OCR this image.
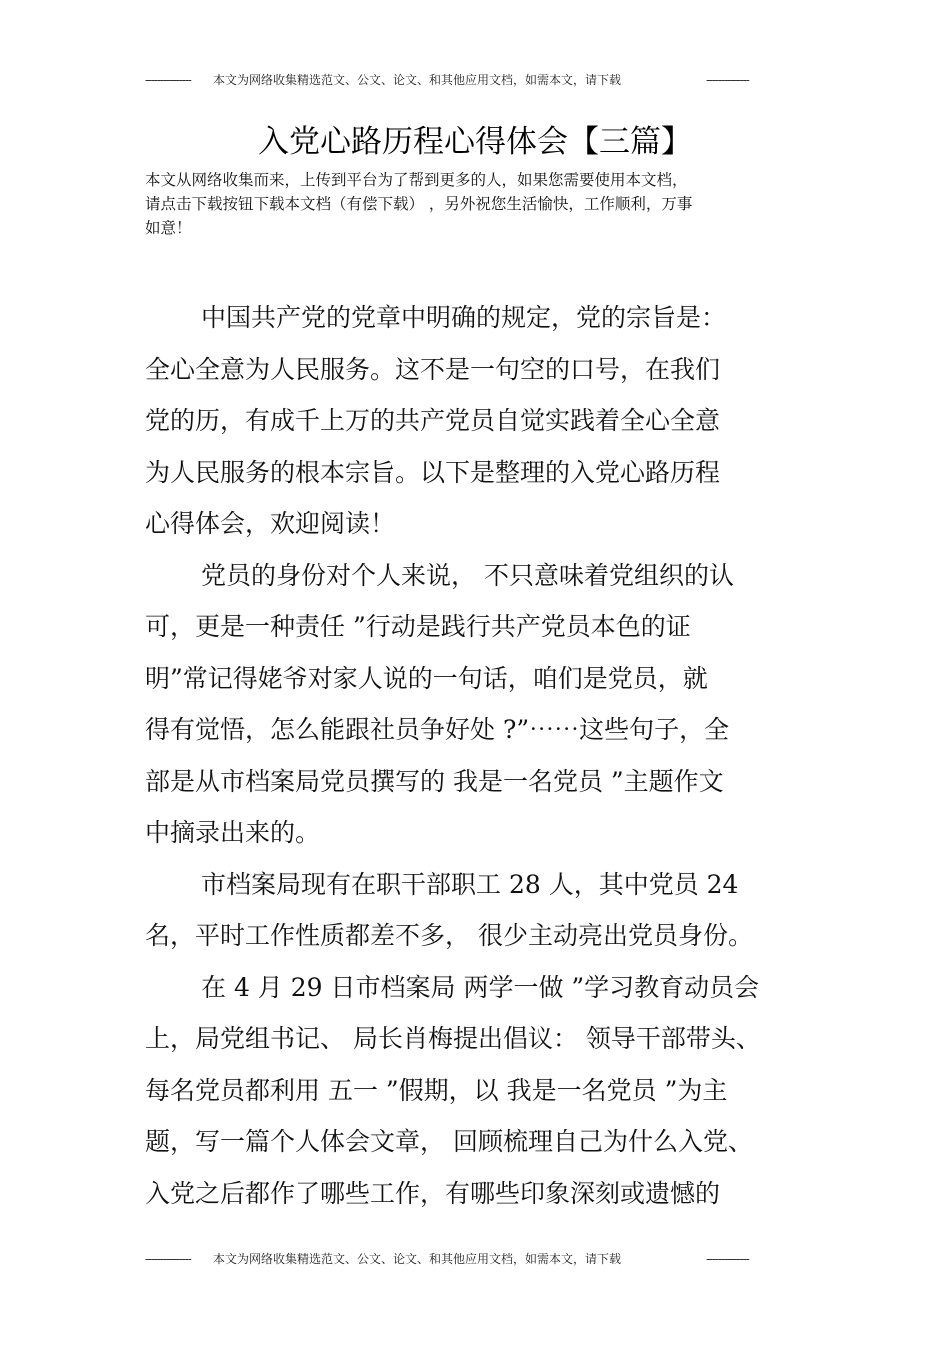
--------------- 本文为网络收集精选范文、公文、论文、和其他应用文档，如需本文，请下载	--------------
入党心路历程心得体会【三篇】
本文从网络收集而来，上传到平台为了帮到更多的人，如果您需要使用本文档，
请点击下载按钮下载本文档（有偿下载） ，另外祝您生活愉快，工作顺利，万事
如意！
中国共产党的党章中明确的规定，党的宗旨是：
全心全意为人民服务。这不是一句空的口号，在我们
党的历，有成千上万的共产党员自觉实践着全心全意
为人民服务的根本宗旨。以下是整理的入党心路历程
心得体会，欢迎阅读！
党员的身份对个人来说， 不只意味着党组织的认
可，更是一种责任 ”行动是践行共产党员本色的证
明”常记得姥爷对家人说的一句话，咱们是党员，就
得有觉悟，怎么能跟社员争好处 ?”⋯⋯这些句子，全
部是从市档案局党员撰写的 我是一名党员 ”主题作文
中摘录出来的。
市档案局现有在职干部职工 28 人，其中党员 24
名，平时工作性质都差不多， 很少主动亮出党员身份。
在 4 月 29 日市档案局 两学一做 ”学习教育动员会
上，局党组书记、 局长肖梅提出倡议： 领导干部带头、
每名党员都利用 五一 ”假期，以 我是一名党员 ”为主
题，写一篇个人体会文章， 回顾梳理自己为什么入党、
入党之后都作了哪些工作，有哪些印象深刻或遗憾的
--------------- 本文为网络收集精选范文、公文、论文、和其他应用文档，如需本文，请下载	--------------
